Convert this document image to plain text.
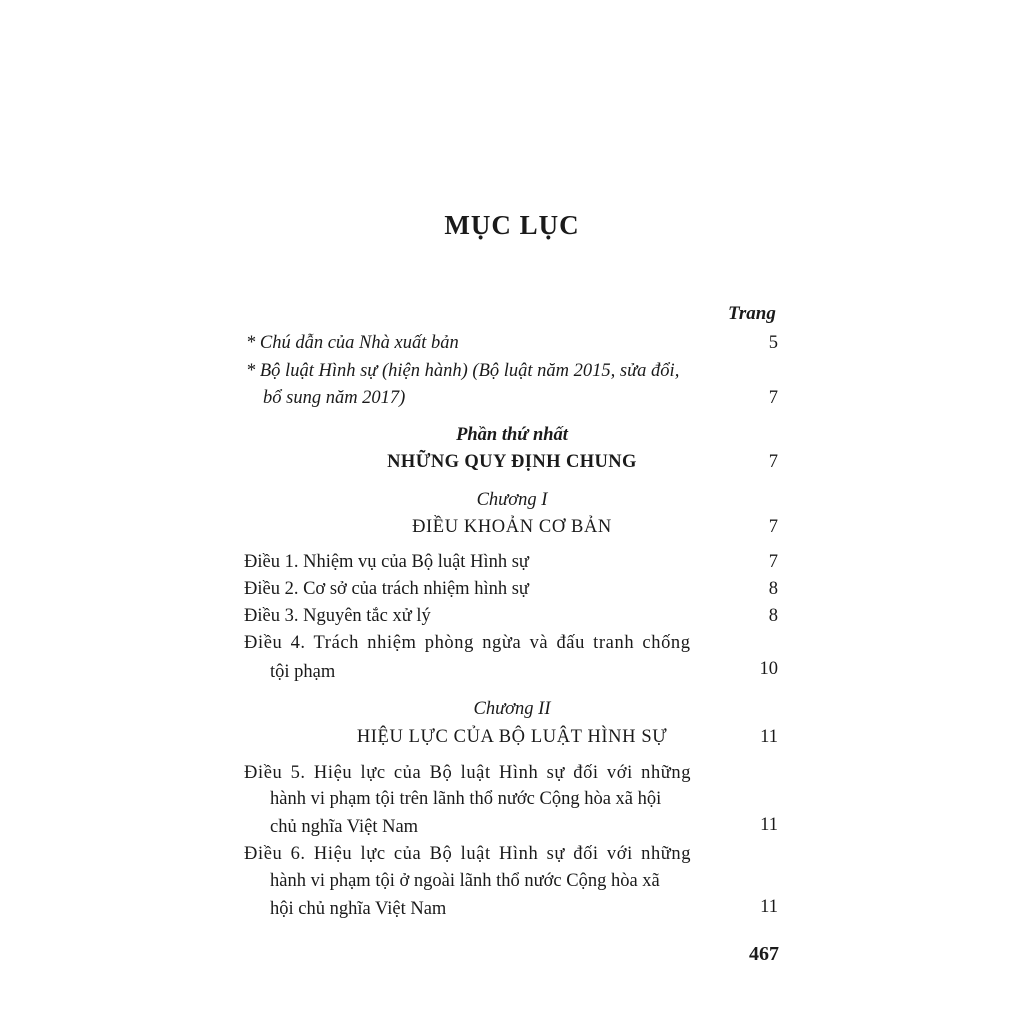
MỤC LỤC
Trang
* Chú dẫn của Nhà xuất bản	5
* Bộ luật Hình sự (hiện hành) (Bộ luật năm 2015, sửa đổi,
bổ sung năm 2017)	7
Phần thứ nhất
NHỮNG QUY ĐỊNH CHUNG	7
Chương I
ĐIỀU KHOẢN CƠ BẢN	7
Điều 1. Nhiệm vụ của Bộ luật Hình sự	7
Điều 2. Cơ sở của trách nhiệm hình sự	8
Điều 3. Nguyên tắc xử lý	8
Điều 4. Trách nhiệm phòng ngừa và đấu tranh chống
tội phạm	10
Chương II
HIỆU LỰC CỦA BỘ LUẬT HÌNH SỰ	11
Điều 5. Hiệu lực của Bộ luật Hình sự đối với những
hành vi phạm tội trên lãnh thổ nước Cộng hòa xã hội
chủ nghĩa Việt Nam	11
Điều 6. Hiệu lực của Bộ luật Hình sự đối với những
hành vi phạm tội ở ngoài lãnh thổ nước Cộng hòa xã
hội chủ nghĩa Việt Nam	11
467
